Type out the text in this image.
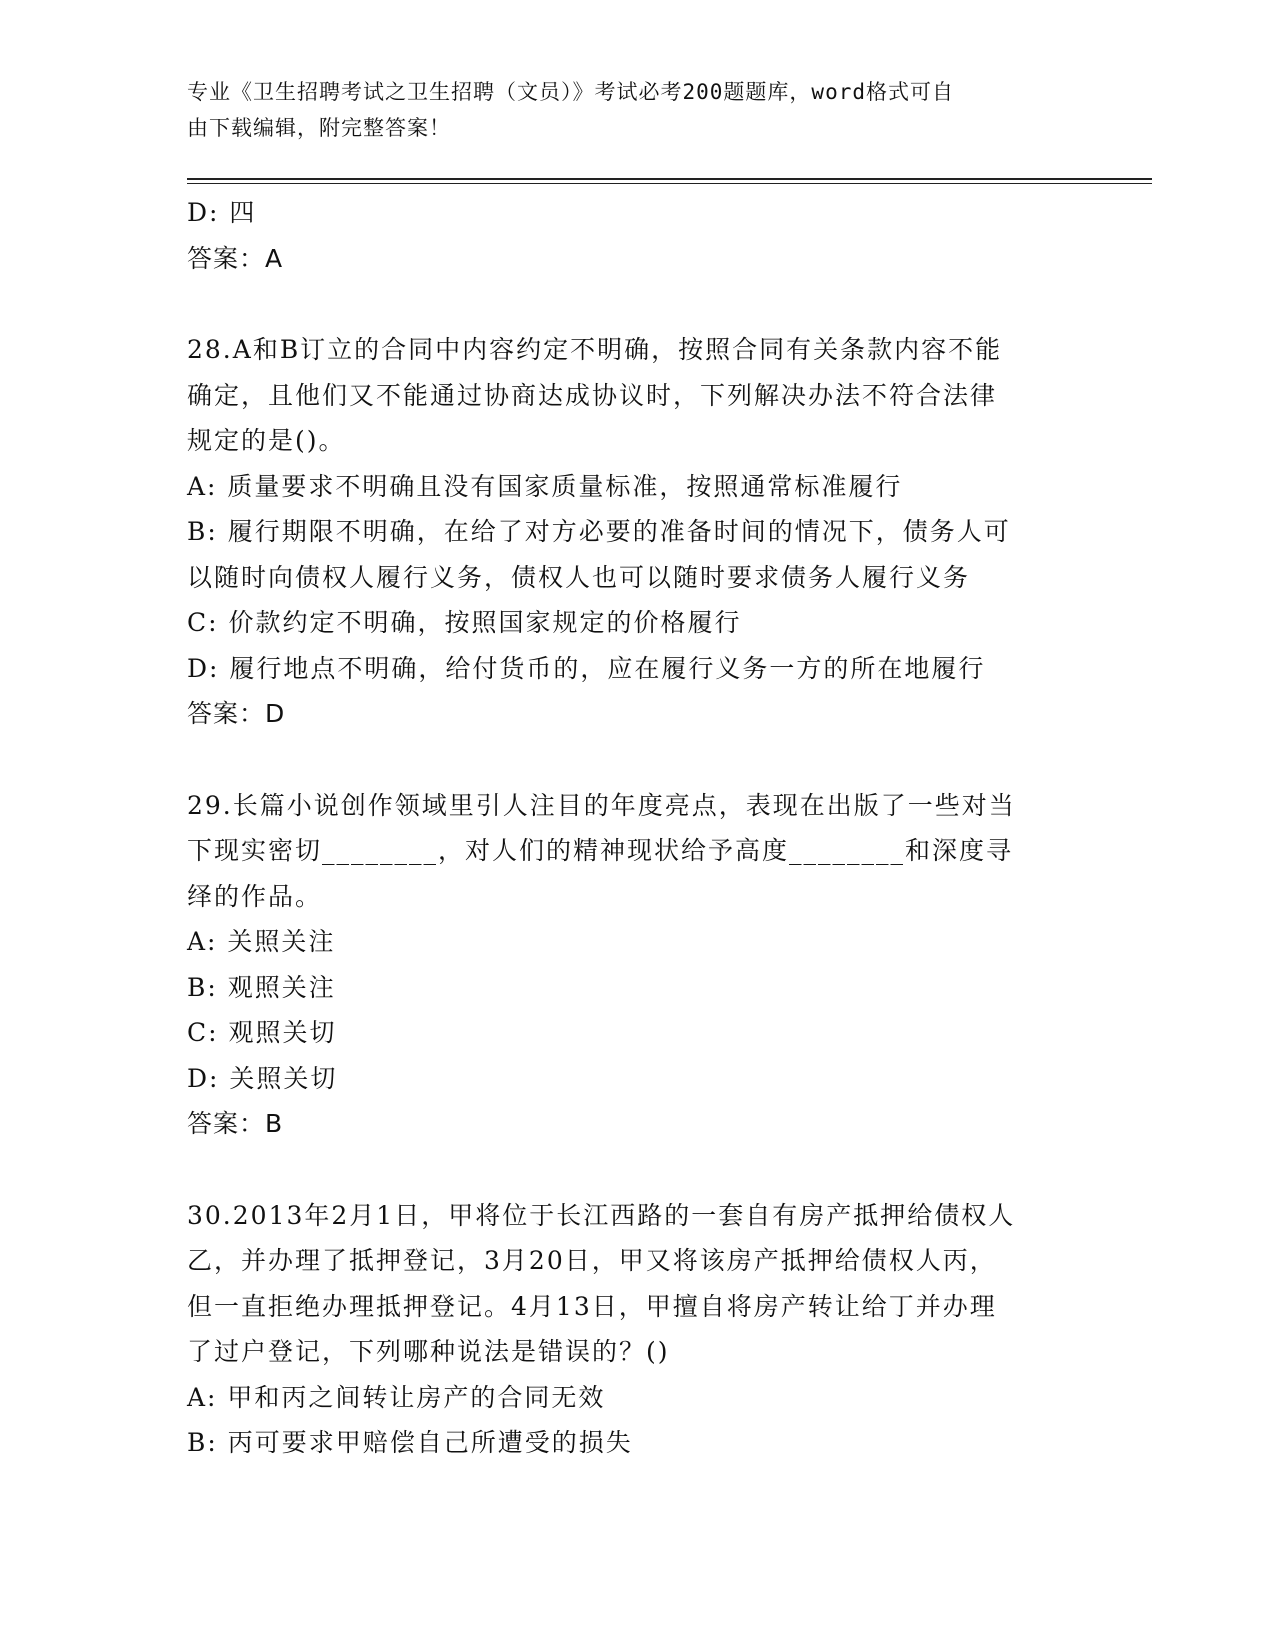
专业《卫生招聘考试之卫生招聘（文员）》考试必考200题题库，word格式可自
由下载编辑，附完整答案！
D: 四
答案：A
28.A和B订立的合同中内容约定不明确，按照合同有关条款内容不能
确定，且他们又不能通过协商达成协议时，下列解决办法不符合法律
规定的是()。
A: 质量要求不明确且没有国家质量标准，按照通常标准履行
B: 履行期限不明确，在给了对方必要的准备时间的情况下，债务人可
以随时向债权人履行义务，债权人也可以随时要求债务人履行义务
C: 价款约定不明确，按照国家规定的价格履行
D: 履行地点不明确，给付货币的，应在履行义务一方的所在地履行
答案：D
29.长篇小说创作领域里引人注目的年度亮点，表现在出版了一些对当
下现实密切________，对人们的精神现状给予高度________和深度寻
绎的作品。
A: 关照关注
B: 观照关注
C: 观照关切
D: 关照关切
答案：B
30.2013年2月1日，甲将位于长江西路的一套自有房产抵押给债权人
乙，并办理了抵押登记，3月20日，甲又将该房产抵押给债权人丙，
但一直拒绝办理抵押登记。4月13日，甲擅自将房产转让给丁并办理
了过户登记，下列哪种说法是错误的？()
A: 甲和丙之间转让房产的合同无效
B: 丙可要求甲赔偿自己所遭受的损失
